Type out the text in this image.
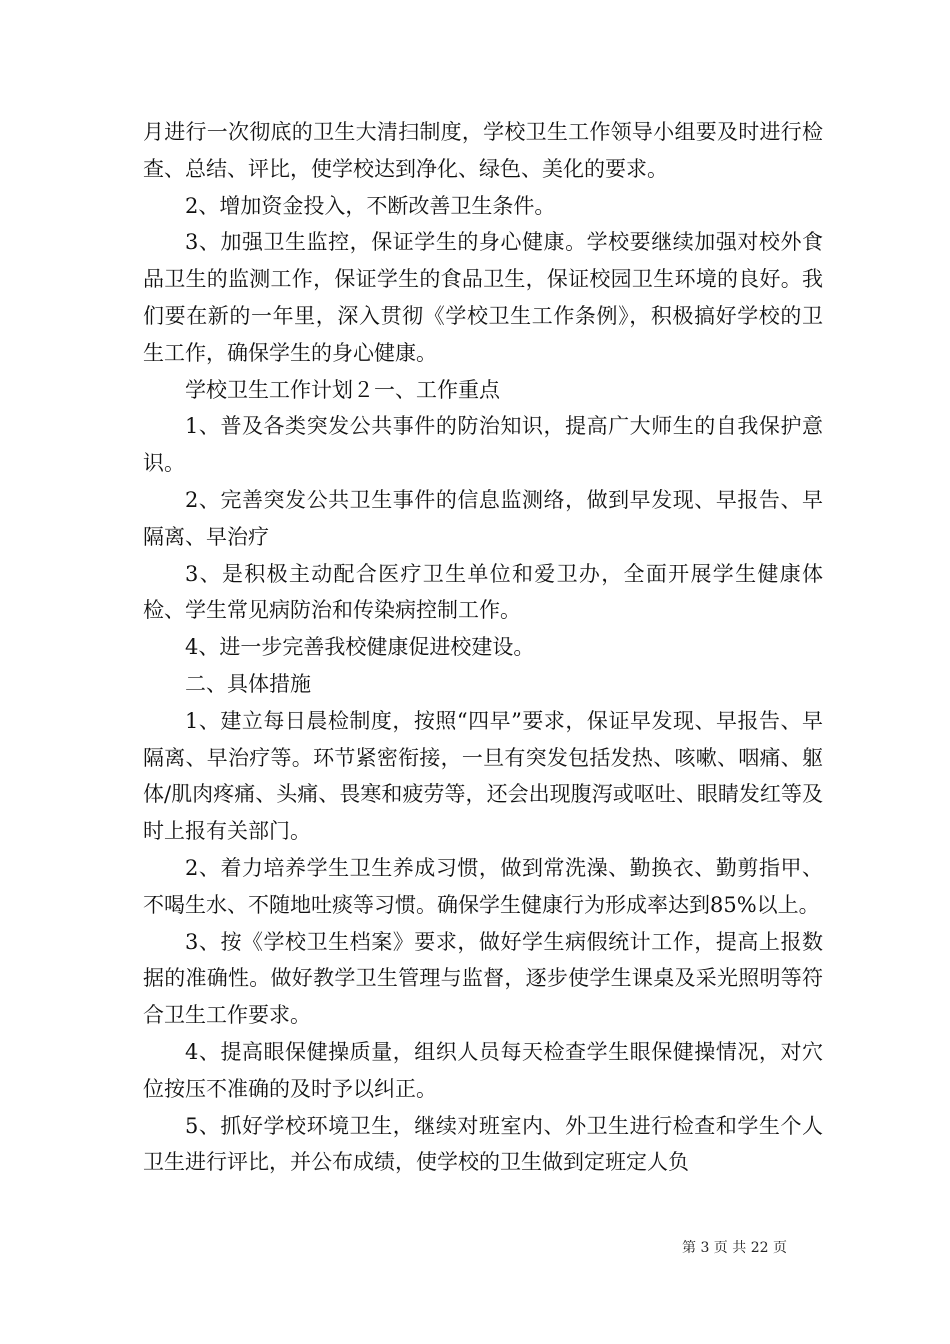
月进行一次彻底的卫生大清扫制度，学校卫生工作领导小组要及时进行检查、总结、评比，使学校达到净化、绿色、美化的要求。

2、增加资金投入，不断改善卫生条件。

3、加强卫生监控，保证学生的身心健康。学校要继续加强对校外食品卫生的监测工作，保证学生的食品卫生，保证校园卫生环境的良好。我们要在新的一年里，深入贯彻《学校卫生工作条例》，积极搞好学校的卫生工作，确保学生的身心健康。

学校卫生工作计划２一、工作重点

1、普及各类突发公共事件的防治知识，提高广大师生的自我保护意识。

2、完善突发公共卫生事件的信息监测络，做到早发现、早报告、早隔离、早治疗

3、是积极主动配合医疗卫生单位和爱卫办，全面开展学生健康体检、学生常见病防治和传染病控制工作。

4、进一步完善我校健康促进校建设。

二、具体措施

1、建立每日晨检制度，按照“四早”要求，保证早发现、早报告、早隔离、早治疗等。环节紧密衔接，一旦有突发包括发热、咳嗽、咽痛、躯体/肌肉疼痛、头痛、畏寒和疲劳等，还会出现腹泻或呕吐、眼睛发红等及时上报有关部门。

2、着力培养学生卫生养成习惯，做到常洗澡、勤换衣、勤剪指甲、不喝生水、不随地吐痰等习惯。确保学生健康行为形成率达到85%以上。

3、按《学校卫生档案》要求，做好学生病假统计工作，提高上报数据的准确性。做好教学卫生管理与监督，逐步使学生课桌及采光照明等符合卫生工作要求。

4、提高眼保健操质量，组织人员每天检查学生眼保健操情况，对穴位按压不准确的及时予以纠正。

5、抓好学校环境卫生，继续对班室内、外卫生进行检查和学生个人卫生进行评比，并公布成绩，使学校的卫生做到定班定人负

第 3 页 共 22 页
